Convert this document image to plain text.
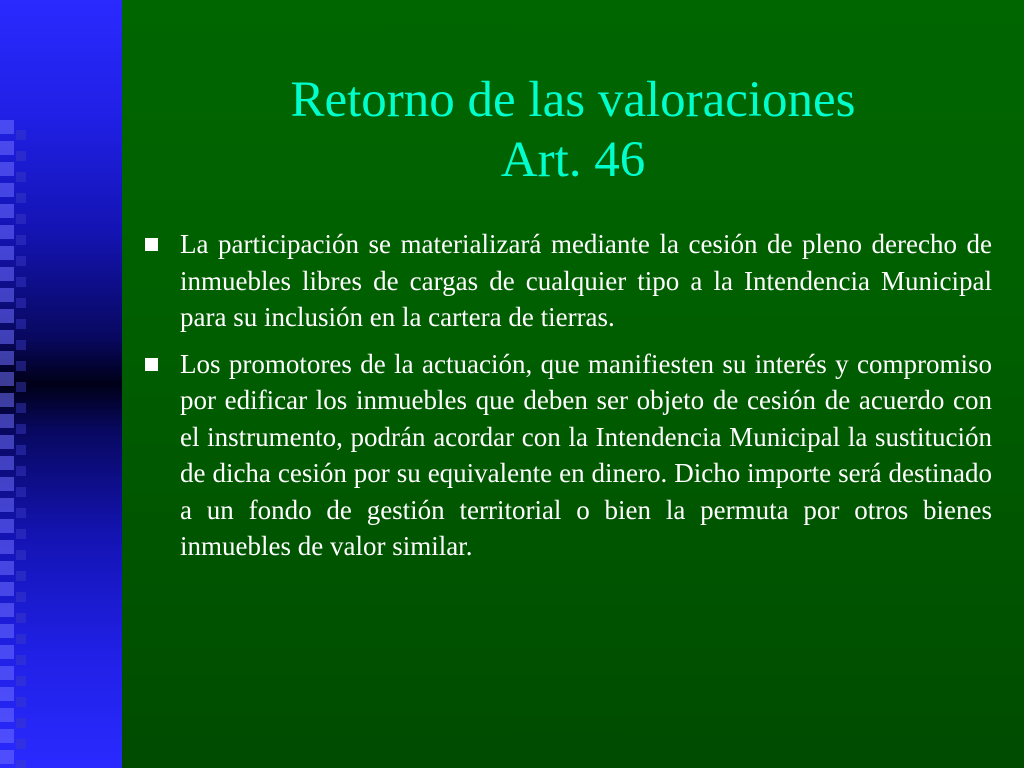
Retorno de las valoraciones
Art. 46
La participación se materializará mediante la cesión de pleno derecho de inmuebles libres de cargas de cualquier tipo a la Intendencia Municipal para su inclusión en la cartera de tierras.
Los promotores de la actuación, que manifiesten su interés y compromiso por edificar los inmuebles que deben ser objeto de cesión de acuerdo con el instrumento, podrán acordar con la Intendencia Municipal la sustitución de dicha cesión por su equivalente en dinero. Dicho importe será destinado a un fondo de gestión territorial o bien la permuta por otros bienes inmuebles de valor similar.
